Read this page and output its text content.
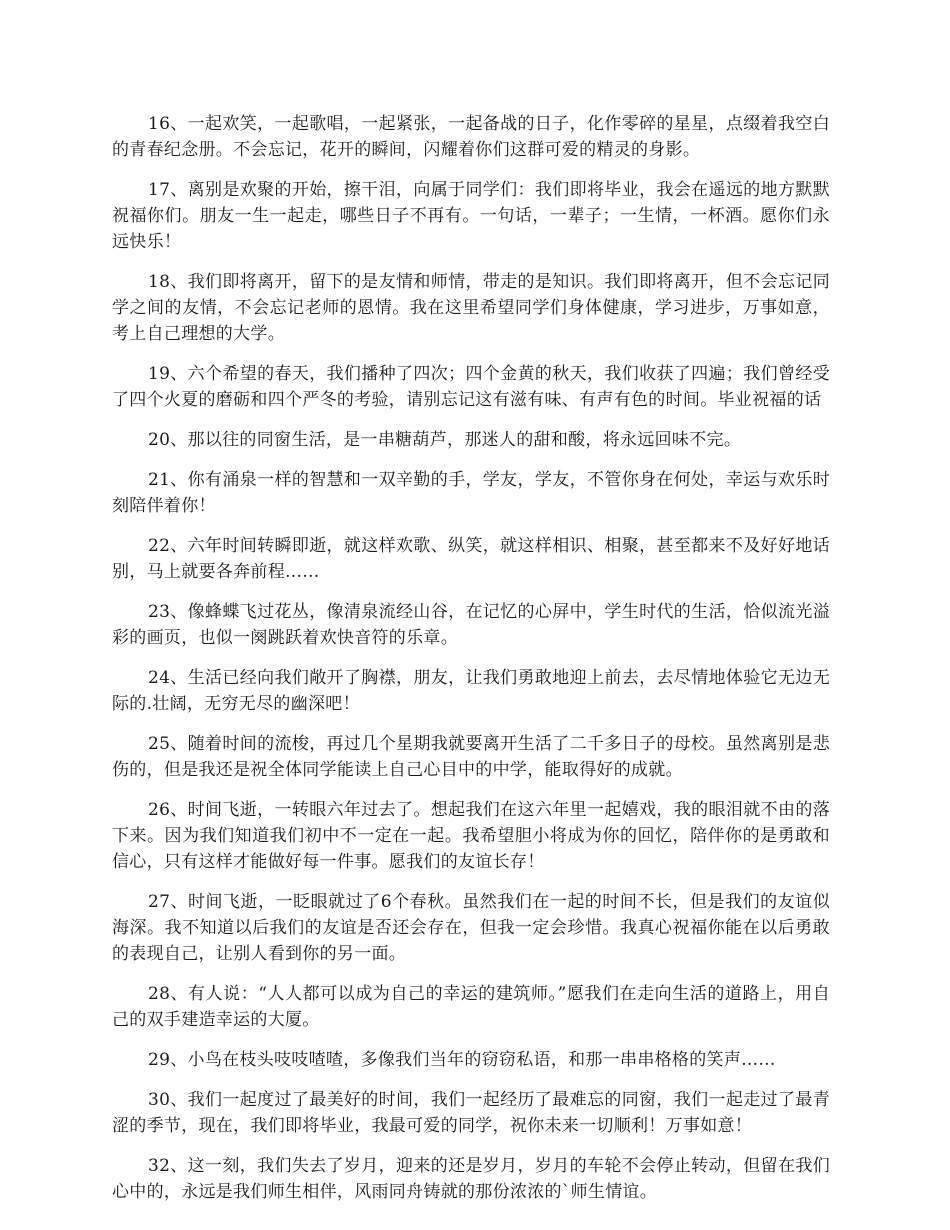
16、一起欢笑，一起歌唱，一起紧张，一起备战的日子，化作零碎的星星，点缀着我空白的青春纪念册。不会忘记，花开的瞬间，闪耀着你们这群可爱的精灵的身影。

17、离别是欢聚的开始，擦干泪，向属于同学们：我们即将毕业，我会在遥远的地方默默祝福你们。朋友一生一起走，哪些日子不再有。一句话，一辈子；一生情，一杯酒。愿你们永远快乐！

18、我们即将离开，留下的是友情和师情，带走的是知识。我们即将离开，但不会忘记同学之间的友情，不会忘记老师的恩情。我在这里希望同学们身体健康，学习进步，万事如意，考上自己理想的大学。

19、六个希望的春天，我们播种了四次；四个金黄的秋天，我们收获了四遍；我们曾经受了四个火夏的磨砺和四个严冬的考验，请别忘记这有滋有味、有声有色的时间。毕业祝福的话

20、那以往的同窗生活，是一串糖葫芦，那迷人的甜和酸，将永远回味不完。

21、你有涌泉一样的智慧和一双辛勤的手，学友，学友，不管你身在何处，幸运与欢乐时刻陪伴着你！

22、六年时间转瞬即逝，就这样欢歌、纵笑，就这样相识、相聚，甚至都来不及好好地话别，马上就要各奔前程……

23、像蜂蝶飞过花丛，像清泉流经山谷，在记忆的心屏中，学生时代的生活，恰似流光溢彩的画页，也似一阕跳跃着欢快音符的乐章。

24、生活已经向我们敞开了胸襟，朋友，让我们勇敢地迎上前去，去尽情地体验它无边无际的.壮阔，无穷无尽的幽深吧！

25、随着时间的流梭，再过几个星期我就要离开生活了二千多日子的母校。虽然离别是悲伤的，但是我还是祝全体同学能读上自己心目中的中学，能取得好的成就。

26、时间飞逝，一转眼六年过去了。想起我们在这六年里一起嬉戏，我的眼泪就不由的落下来。因为我们知道我们初中不一定在一起。我希望胆小将成为你的回忆，陪伴你的是勇敢和信心，只有这样才能做好每一件事。愿我们的友谊长存！

27、时间飞逝，一眨眼就过了6个春秋。虽然我们在一起的时间不长，但是我们的友谊似海深。我不知道以后我们的友谊是否还会存在，但我一定会珍惜。我真心祝福你能在以后勇敢的表现自己，让别人看到你的另一面。

28、有人说：“人人都可以成为自己的幸运的建筑师。”愿我们在走向生活的道路上，用自己的双手建造幸运的大厦。

29、小鸟在枝头吱吱喳喳，多像我们当年的窃窃私语，和那一串串格格的笑声……

30、我们一起度过了最美好的时间，我们一起经历了最难忘的同窗，我们一起走过了最青涩的季节，现在，我们即将毕业，我最可爱的同学，祝你未来一切顺利！万事如意！

32、这一刻，我们失去了岁月，迎来的还是岁月，岁月的车轮不会停止转动，但留在我们心中的，永远是我们师生相伴，风雨同舟铸就的那份浓浓的`师生情谊。
